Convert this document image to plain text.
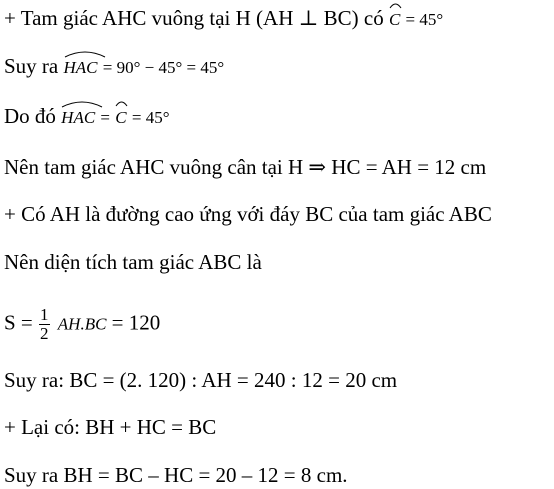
+ Tam giác AHC vuông tại H (AH ⊥ BC) có C = 45°
Suy ra HAC = 90° − 45° = 45°
Do đó HAC = C = 45°
Nên tam giác AHC vuông cân tại H ⇒ HC = AH = 12 cm
+ Có AH là đường cao ứng với đáy BC của tam giác ABC
Nên diện tích tam giác ABC là
$S = \frac{1}{2} AH.BC = 120$
Suy ra: BC = (2. 120) : AH = 240 : 12 = 20 cm
+ Lại có: BH + HC = BC
Suy ra BH = BC – HC = 20 – 12 = 8 cm.
